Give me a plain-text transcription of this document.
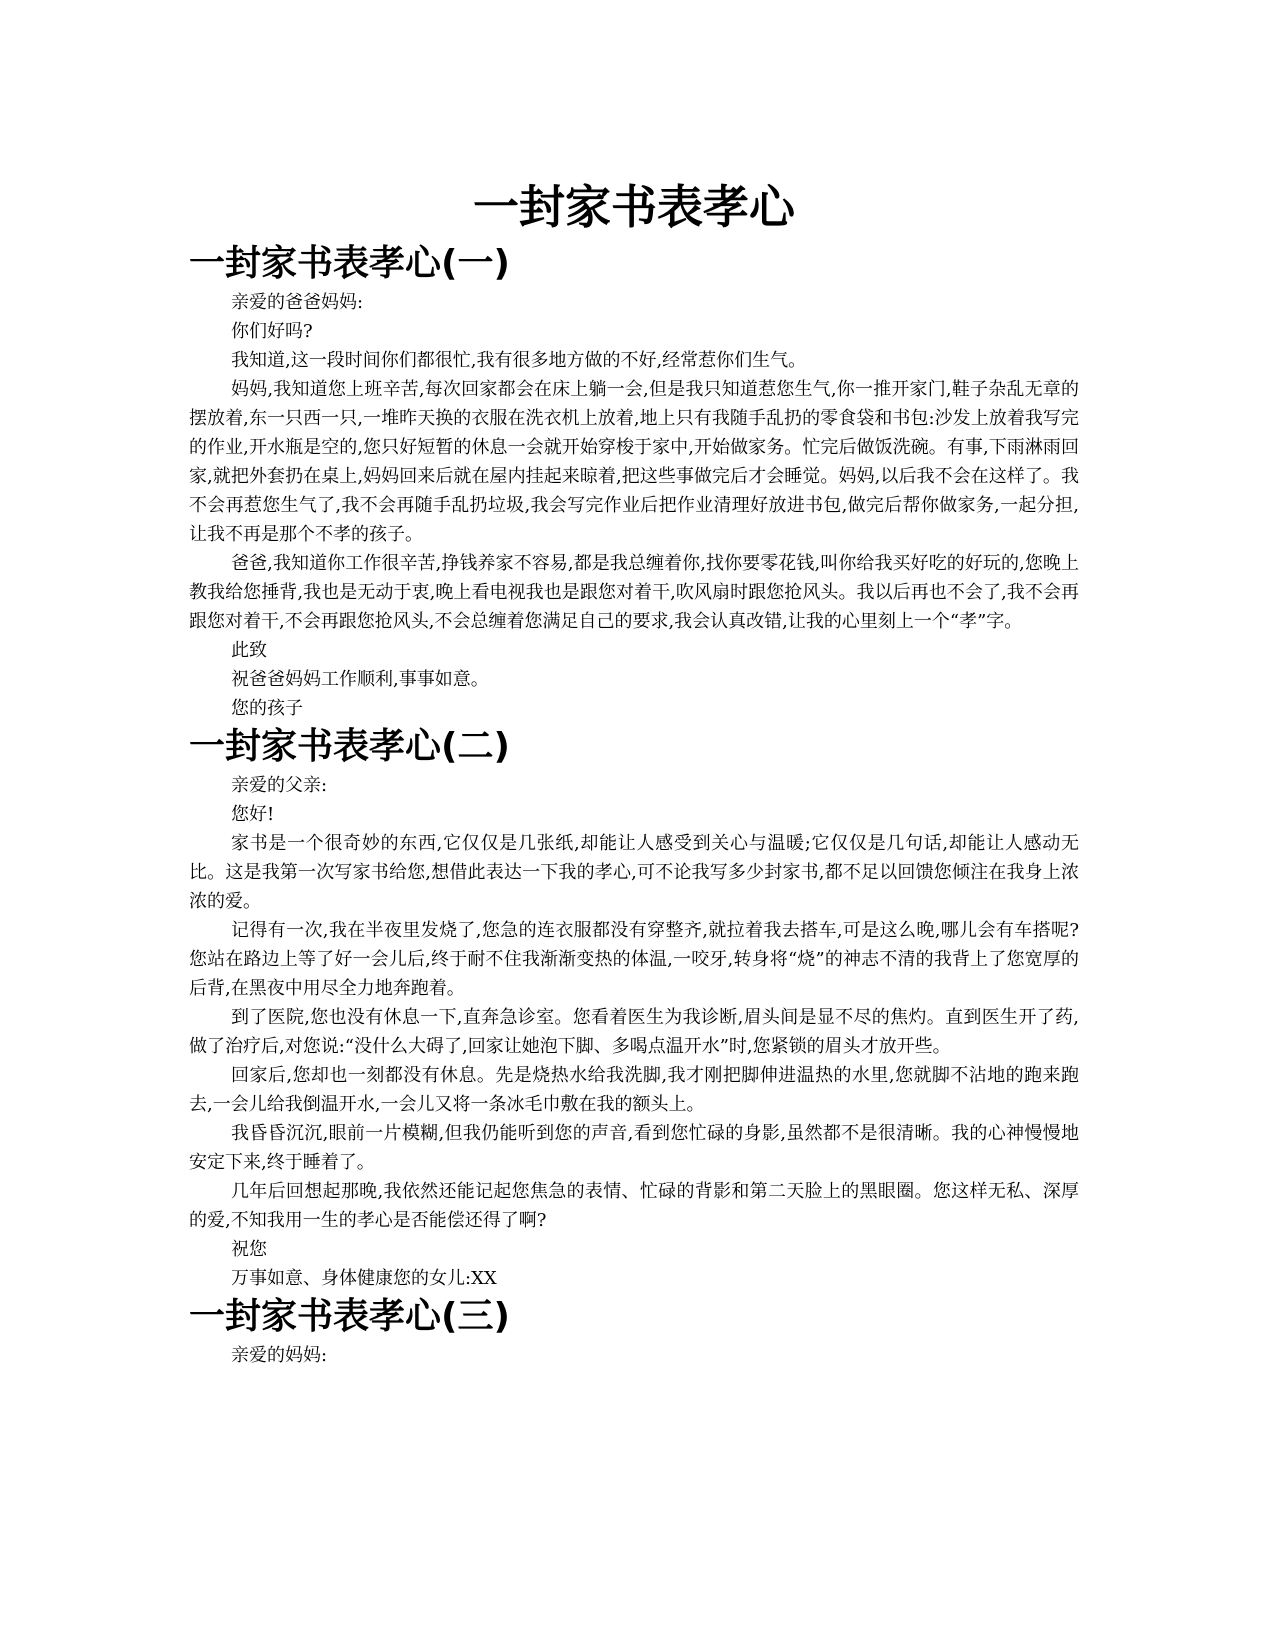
一封家书表孝心
一封家书表孝心(一)

亲爱的爸爸妈妈:

你们好吗?

我知道,这一段时间你们都很忙,我有很多地方做的不好,经常惹你们生气。

妈妈,我知道您上班辛苦,每次回家都会在床上躺一会,但是我只知道惹您生气,你一推开家门,鞋子杂乱无章的摆放着,东一只西一只,一堆昨天换的衣服在洗衣机上放着,地上只有我随手乱扔的零食袋和书包:沙发上放着我写完的作业,开水瓶是空的,您只好短暂的休息一会就开始穿梭于家中,开始做家务。忙完后做饭洗碗。有事,下雨淋雨回家,就把外套扔在桌上,妈妈回来后就在屋内挂起来晾着,把这些事做完后才会睡觉。妈妈,以后我不会在这样了。我不会再惹您生气了,我不会再随手乱扔垃圾,我会写完作业后把作业清理好放进书包,做完后帮你做家务,一起分担,让我不再是那个不孝的孩子。

爸爸,我知道你工作很辛苦,挣钱养家不容易,都是我总缠着你,找你要零花钱,叫你给我买好吃的好玩的,您晚上教我给您捶背,我也是无动于衷,晚上看电视我也是跟您对着干,吹风扇时跟您抢风头。我以后再也不会了,我不会再跟您对着干,不会再跟您抢风头,不会总缠着您满足自己的要求,我会认真改错,让我的心里刻上一个“孝”字。

此致

祝爸爸妈妈工作顺利,事事如意。

您的孩子

一封家书表孝心(二)

亲爱的父亲:

您好!

家书是一个很奇妙的东西,它仅仅是几张纸,却能让人感受到关心与温暖;它仅仅是几句话,却能让人感动无比。这是我第一次写家书给您,想借此表达一下我的孝心,可不论我写多少封家书,都不足以回馈您倾注在我身上浓浓的爱。

记得有一次,我在半夜里发烧了,您急的连衣服都没有穿整齐,就拉着我去搭车,可是这么晚,哪儿会有车搭呢?您站在路边上等了好一会儿后,终于耐不住我渐渐变热的体温,一咬牙,转身将“烧”的神志不清的我背上了您宽厚的后背,在黑夜中用尽全力地奔跑着。

到了医院,您也没有休息一下,直奔急诊室。您看着医生为我诊断,眉头间是显不尽的焦灼。直到医生开了药,做了治疗后,对您说:“没什么大碍了,回家让她泡下脚、多喝点温开水”时,您紧锁的眉头才放开些。

回家后,您却也一刻都没有休息。先是烧热水给我洗脚,我才刚把脚伸进温热的水里,您就脚不沾地的跑来跑去,一会儿给我倒温开水,一会儿又将一条冰毛巾敷在我的额头上。

我昏昏沉沉,眼前一片模糊,但我仍能听到您的声音,看到您忙碌的身影,虽然都不是很清晰。我的心神慢慢地安定下来,终于睡着了。

几年后回想起那晚,我依然还能记起您焦急的表情、忙碌的背影和第二天脸上的黑眼圈。您这样无私、深厚的爱,不知我用一生的孝心是否能偿还得了啊?

祝您

万事如意、身体健康您的女儿:XX

一封家书表孝心(三)

亲爱的妈妈:
